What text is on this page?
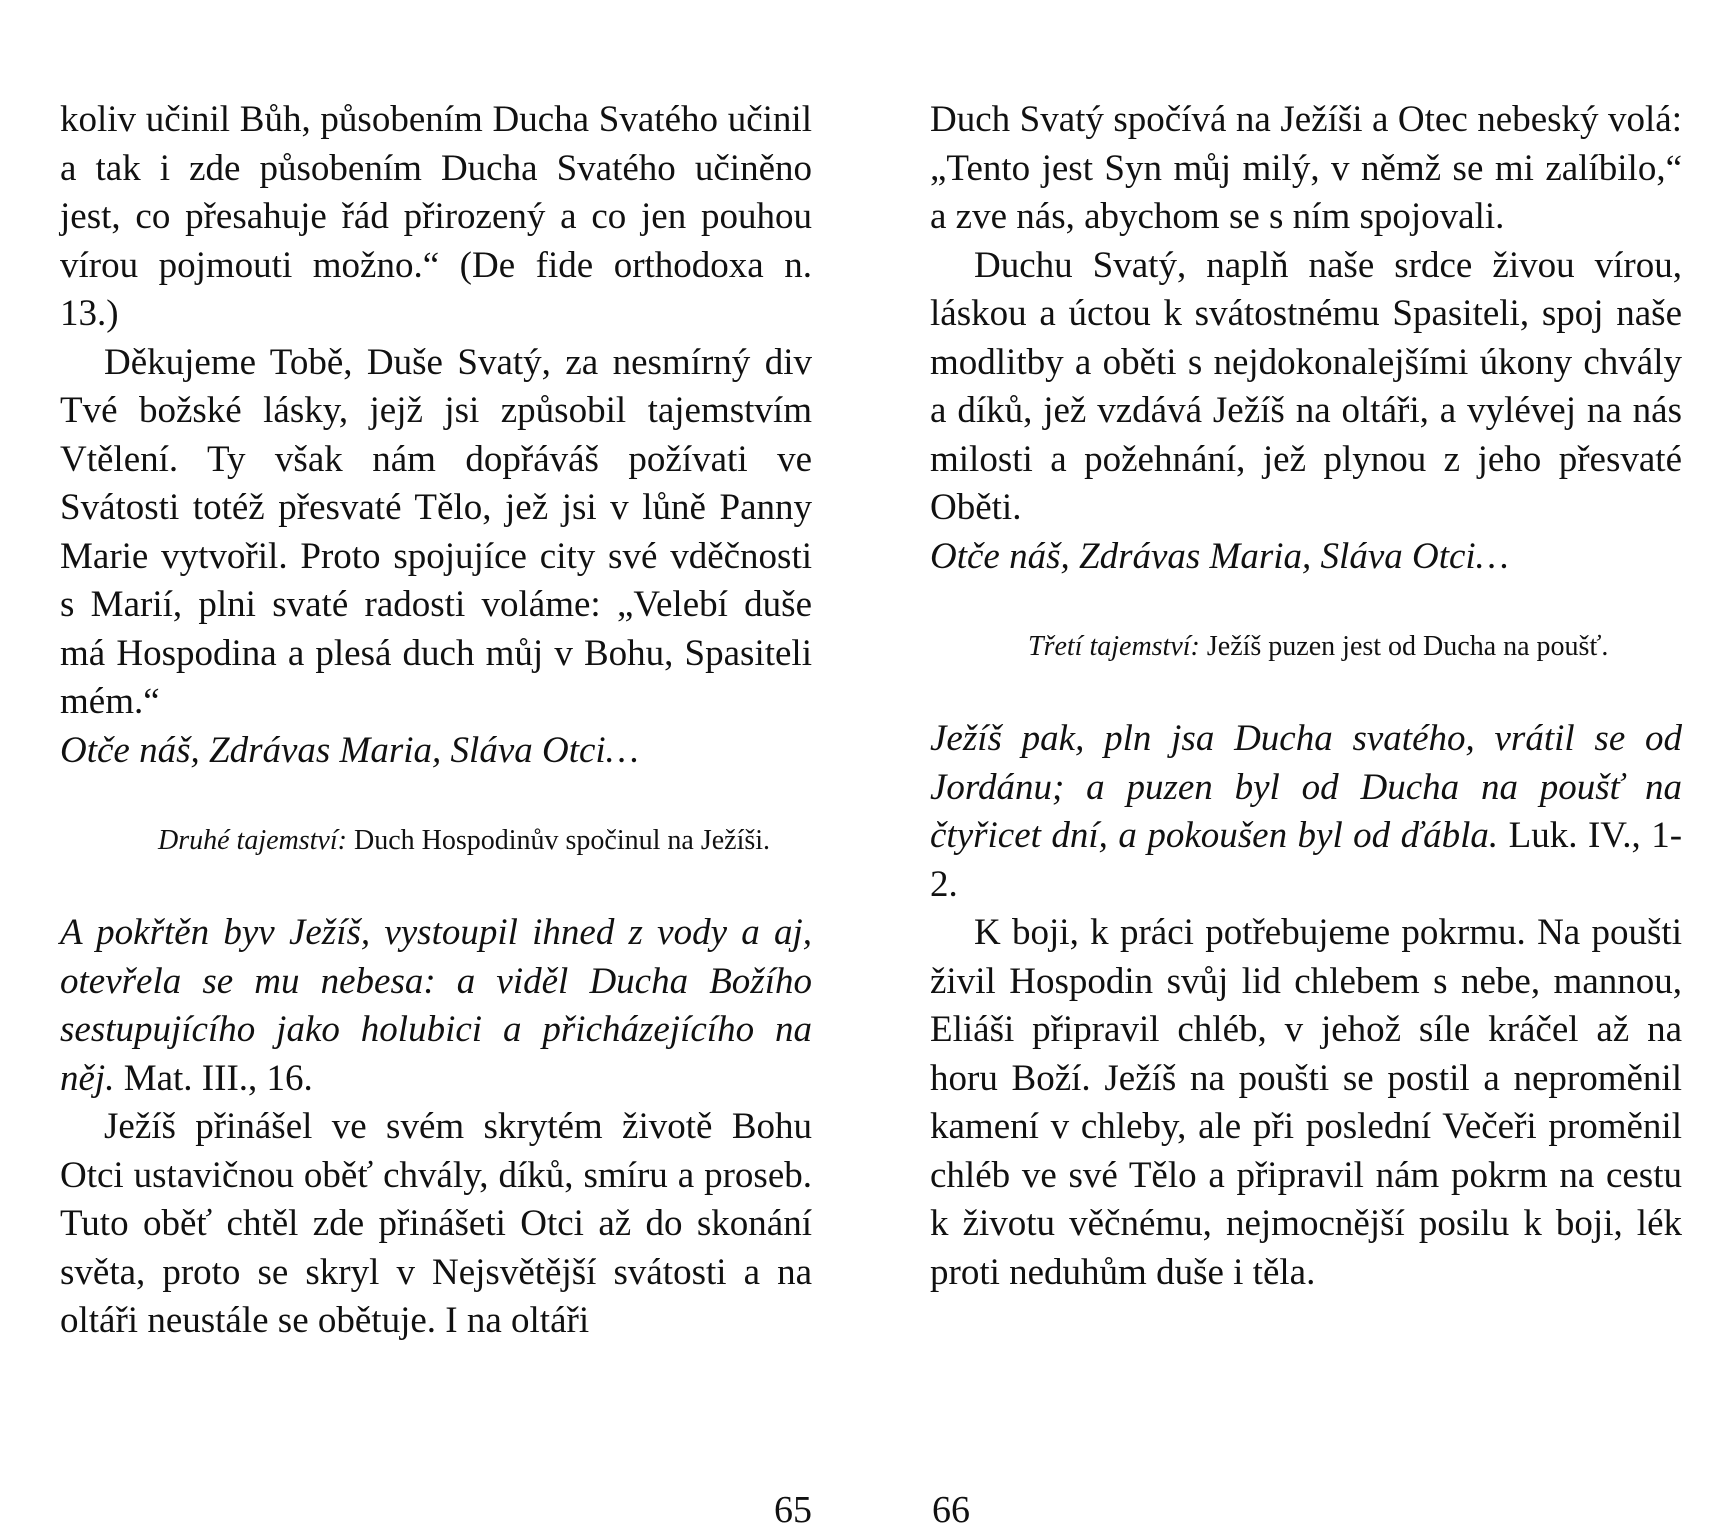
koliv učinil Bůh, působením Ducha Svatého učinil a tak i zde působením Ducha Svatého učiněno jest, co přesahuje řád přirozený a co jen pouhou vírou pojmouti možno.“ (De fide orthodoxa n. 13.)

Děkujeme Tobě, Duše Svatý, za nesmírný div Tvé božské lásky, jejž jsi způsobil tajemstvím Vtělení. Ty však nám dopřáváš požívati ve Svátosti totéž přesvaté Tělo, jež jsi v lůně Panny Marie vytvořil. Proto spojujíce city své vděčnosti s Marií, plni svaté radosti voláme: „Velebí duše má Hospodina a plesá duch můj v Bohu, Spasiteli mém.“

Otče náš, Zdrávas Maria, Sláva Otci…

Druhé tajemství: Duch Hospodinův spočinul na Ježíši.

A pokřtěn byv Ježíš, vystoupil ihned z vody a aj, otevřela se mu nebesa: a viděl Ducha Božího sestupujícího jako holubici a přicházejícího na něj. Mat. III., 16.

Ježíš přinášel ve svém skrytém životě Bohu Otci ustavičnou oběť chvály, díků, smíru a proseb. Tuto oběť chtěl zde přinášeti Otci až do skonání světa, proto se skryl v Nejsvětější svátosti a na oltáři neustále se obětuje. I na oltáři

65

Duch Svatý spočívá na Ježíši a Otec nebeský volá: „Tento jest Syn můj milý, v němž se mi zalíbilo,“ a zve nás, abychom se s ním spojovali.

Duchu Svatý, naplň naše srdce živou vírou, láskou a úctou k svátostnému Spasiteli, spoj naše modlitby a oběti s nejdokonalejšími úkony chvály a díků, jež vzdává Ježíš na oltáři, a vylévej na nás milosti a požehnání, jež plynou z jeho přesvaté Oběti.

Otče náš, Zdrávas Maria, Sláva Otci…

Třetí tajemství: Ježíš puzen jest od Ducha na poušť.

Ježíš pak, pln jsa Ducha svatého, vrátil se od Jordánu; a puzen byl od Ducha na poušť na čtyřicet dní, a pokoušen byl od ďábla. Luk. IV., 1-2.

K boji, k práci potřebujeme pokrmu. Na poušti živil Hospodin svůj lid chlebem s nebe, mannou, Eliáši připravil chléb, v jehož síle kráčel až na horu Boží. Ježíš na poušti se postil a neproměnil kamení v chleby, ale při poslední Večeři proměnil chléb ve své Tělo a připravil nám pokrm na cestu k životu věčnému, nejmocnější posilu k boji, lék proti neduhům duše i těla.

66
